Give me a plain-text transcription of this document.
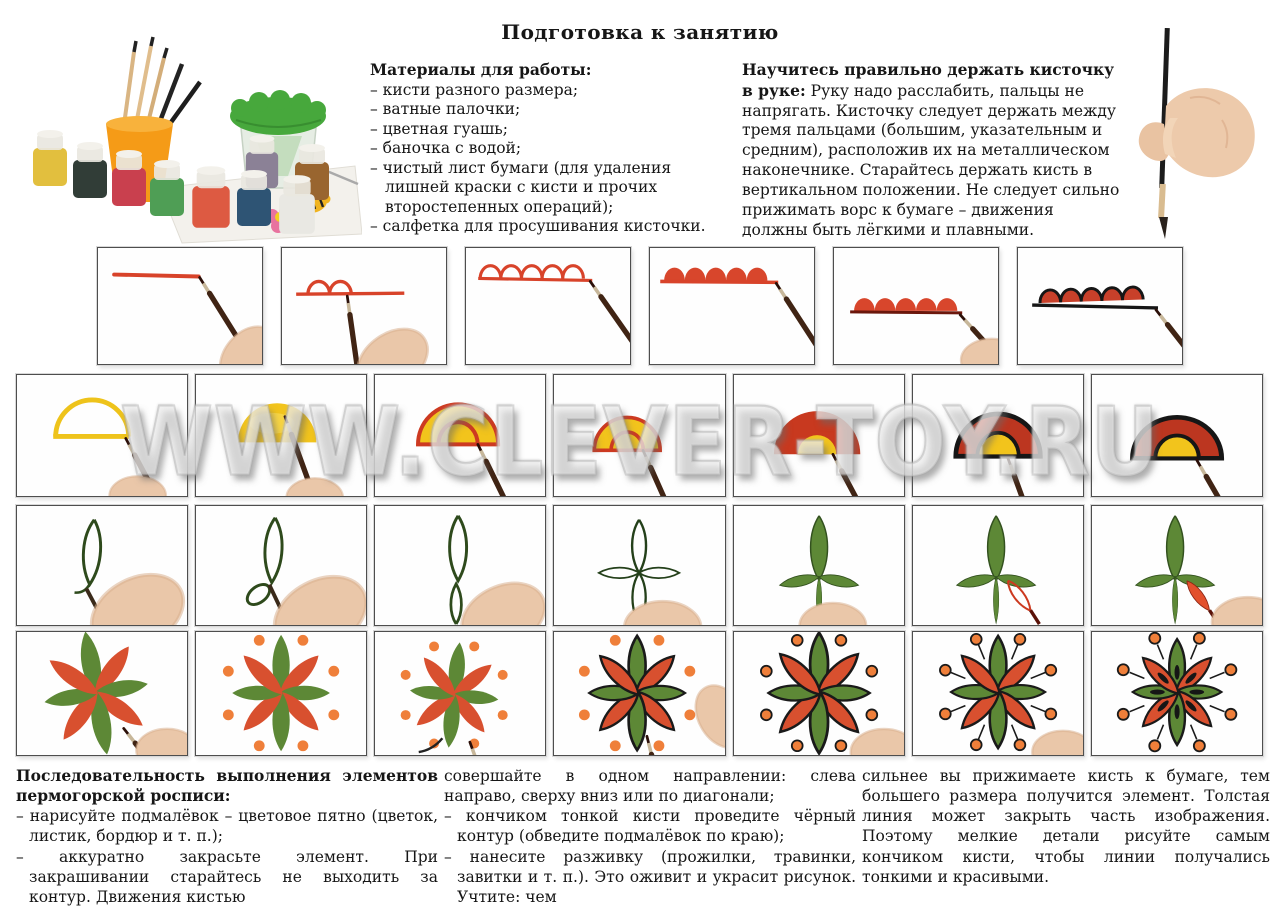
Подготовка к занятию
Материалы для работы:
– кисти разного размера;
– ватные палочки;
– цветная гуашь;
– баночка с водой;
– чистый лист бумаги (для удаления лишней краски с кисти и прочих второстепенных операций);
– салфетка для просушивания кисточки.
Научитесь правильно держать кисточку в руке: Руку надо расслабить, пальцы не напрягать. Кисточку следует держать между тремя пальцами (большим, указательным и средним), расположив их на металлическом наконечнике. Старайтесь держать кисть в вертикальном положении. Не следует сильно прижимать ворс к бумаге – движения должны быть лёгкими и плавными.
WWW.CLEVER-TOY.RU

Последовательность выполнения элементов пермогорской росписи:

– нарисуйте подмалёвок – цветовое пятно (цветок, листик, бордюр и т. п.);

– аккуратно закрасьте элемент. При закрашивании старайтесь не выходить за контур. Движения кистью

совершайте в одном направлении: слева направо, сверху вниз или по диагонали;

– кончиком тонкой кисти проведите чёрный контур (обведите подмалёвок по краю);

– нанесите разживку (прожилки, травинки, завитки и т. п.). Это оживит и украсит рисунок. Учтите: чем

сильнее вы прижимаете кисть к бумаге, тем большего размера получится элемент. Толстая линия может закрыть часть изображения. Поэтому мелкие детали рисуйте самым кончиком кисти, чтобы линии получались тонкими и красивыми.
